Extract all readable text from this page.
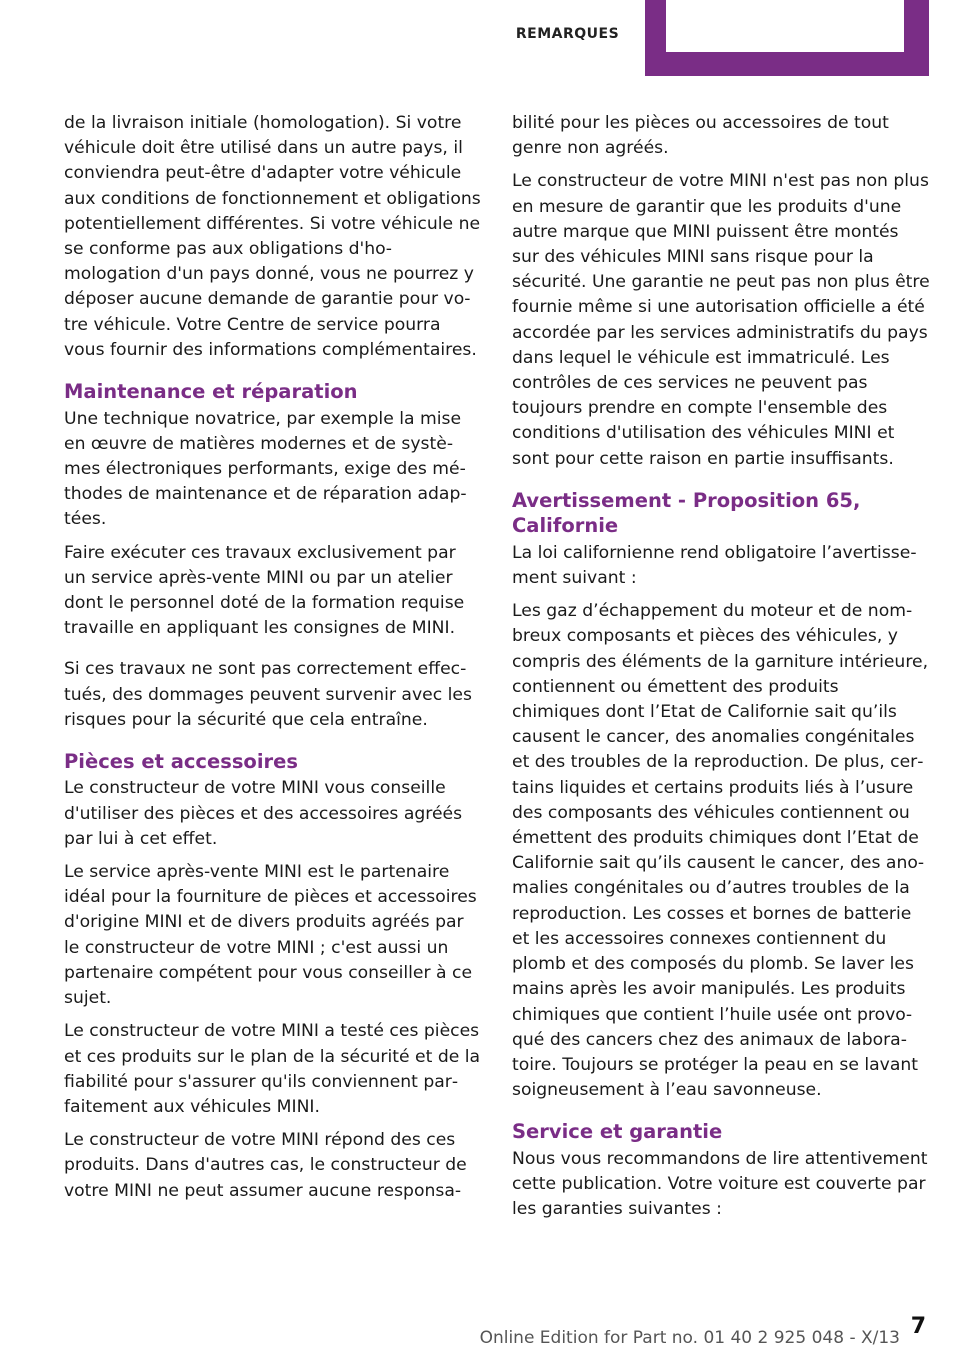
REMARQUES

de la livraison initiale (homologation). Si votre véhicule doit être utilisé dans un autre pays, il conviendra peut-être d'adapter votre véhicule aux conditions de fonctionnement et obligations potentiellement différentes. Si votre véhicule ne se conforme pas aux obligations d'homologation d'un pays donné, vous ne pourrez y déposer aucune demande de garantie pour votre véhicule. Votre Centre de service pourra vous fournir des informations complémentaires.

Maintenance et réparation

Une technique novatrice, par exemple la mise en œuvre de matières modernes et de systèmes électroniques performants, exige des méthodes de maintenance et de réparation adaptées.

Faire exécuter ces travaux exclusivement par un service après-vente MINI ou par un atelier dont le personnel doté de la formation requise travaille en appliquant les consignes de MINI.

Si ces travaux ne sont pas correctement effectués, des dommages peuvent survenir avec les risques pour la sécurité que cela entraîne.

Pièces et accessoires

Le constructeur de votre MINI vous conseille d'utiliser des pièces et des accessoires agréés par lui à cet effet.

Le service après-vente MINI est le partenaire idéal pour la fourniture de pièces et accessoires d'origine MINI et de divers produits agréés par le constructeur de votre MINI ; c'est aussi un partenaire compétent pour vous conseiller à ce sujet.

Le constructeur de votre MINI a testé ces pièces et ces produits sur le plan de la sécurité et de la fiabilité pour s'assurer qu'ils conviennent parfaitement aux véhicules MINI.

Le constructeur de votre MINI répond des ces produits. Dans d'autres cas, le constructeur de votre MINI ne peut assumer aucune responsa-

bilité pour les pièces ou accessoires de tout genre non agréés.

Le constructeur de votre MINI n'est pas non plus en mesure de garantir que les produits d'une autre marque que MINI puissent être montés sur des véhicules MINI sans risque pour la sécurité. Une garantie ne peut pas non plus être fournie même si une autorisation officielle a été accordée par les services administratifs du pays dans lequel le véhicule est immatriculé. Les contrôles de ces services ne peuvent pas toujours prendre en compte l'ensemble des conditions d'utilisation des véhicules MINI et sont pour cette raison en partie insuffisants.

Avertissement - Proposition 65, Californie

La loi californienne rend obligatoire l’avertissement suivant :

Les gaz d’échappement du moteur et de nombreux composants et pièces des véhicules, y compris des éléments de la garniture intérieure, contiennent ou émettent des produits chimiques dont l’Etat de Californie sait qu’ils causent le cancer, des anomalies congénitales et des troubles de la reproduction. De plus, certains liquides et certains produits liés à l’usure des composants des véhicules contiennent ou émettent des produits chimiques dont l’Etat de Californie sait qu’ils causent le cancer, des anomalies congénitales ou d’autres troubles de la reproduction. Les cosses et bornes de batterie et les accessoires connexes contiennent du plomb et des composés du plomb. Se laver les mains après les avoir manipulés. Les produits chimiques que contient l’huile usée ont provoqué des cancers chez des animaux de laboratoire. Toujours se protéger la peau en se lavant soigneusement à l’eau savonneuse.

Service et garantie

Nous vous recommandons de lire attentivement cette publication. Votre voiture est couverte par les garanties suivantes :

Online Edition for Part no. 01 40 2 925 048 - X/13 7
